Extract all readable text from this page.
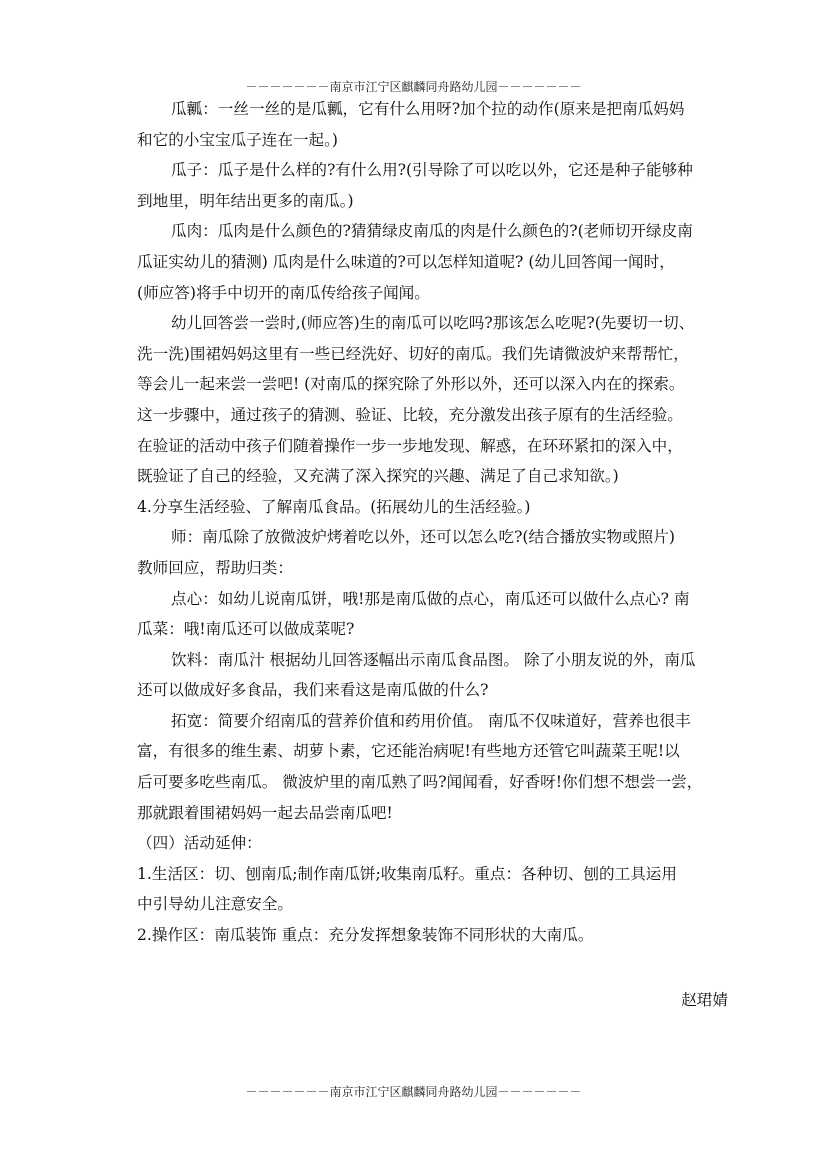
－－－－－－－南京市江宁区麒麟同舟路幼儿园－－－－－－－
瓜瓤：一丝一丝的是瓜瓤，它有什么用呀?加个拉的动作(原来是把南瓜妈妈
和它的小宝宝瓜子连在一起。)
瓜子：瓜子是什么样的?有什么用?(引导除了可以吃以外，它还是种子能够种
到地里，明年结出更多的南瓜。)
瓜肉：瓜肉是什么颜色的?猜猜绿皮南瓜的肉是什么颜色的?(老师切开绿皮南
瓜证实幼儿的猜测) 瓜肉是什么味道的?可以怎样知道呢? (幼儿回答闻一闻时，
(师应答)将手中切开的南瓜传给孩子闻闻。
幼儿回答尝一尝时,(师应答)生的南瓜可以吃吗?那该怎么吃呢?(先要切一切、
洗一洗)围裙妈妈这里有一些已经洗好、切好的南瓜。我们先请微波炉来帮帮忙，
等会儿一起来尝一尝吧! (对南瓜的探究除了外形以外，还可以深入内在的探索。
这一步骤中，通过孩子的猜测、验证、比较，充分激发出孩子原有的生活经验。
在验证的活动中孩子们随着操作一步一步地发现、解惑，在环环紧扣的深入中，
既验证了自己的经验，又充满了深入探究的兴趣、满足了自己求知欲。)
4.分享生活经验、了解南瓜食品。(拓展幼儿的生活经验。)
师：南瓜除了放微波炉烤着吃以外，还可以怎么吃?(结合播放实物或照片)
教师回应，帮助归类：
点心：如幼儿说南瓜饼，哦!那是南瓜做的点心，南瓜还可以做什么点心? 南
瓜菜：哦!南瓜还可以做成菜呢?
饮料：南瓜汁 根据幼儿回答逐幅出示南瓜食品图。 除了小朋友说的外，南瓜
还可以做成好多食品，我们来看这是南瓜做的什么?
拓宽：简要介绍南瓜的营养价值和药用价值。 南瓜不仅味道好，营养也很丰
富，有很多的维生素、胡萝卜素，它还能治病呢!有些地方还管它叫蔬菜王呢!以
后可要多吃些南瓜。 微波炉里的南瓜熟了吗?闻闻看，好香呀!你们想不想尝一尝，
那就跟着围裙妈妈一起去品尝南瓜吧!
（四）活动延伸：
1.生活区：切、刨南瓜;制作南瓜饼;收集南瓜籽。重点：各种切、刨的工具运用
中引导幼儿注意安全。
2.操作区：南瓜装饰 重点：充分发挥想象装饰不同形状的大南瓜。
赵珺婧
－－－－－－－南京市江宁区麒麟同舟路幼儿园－－－－－－－
